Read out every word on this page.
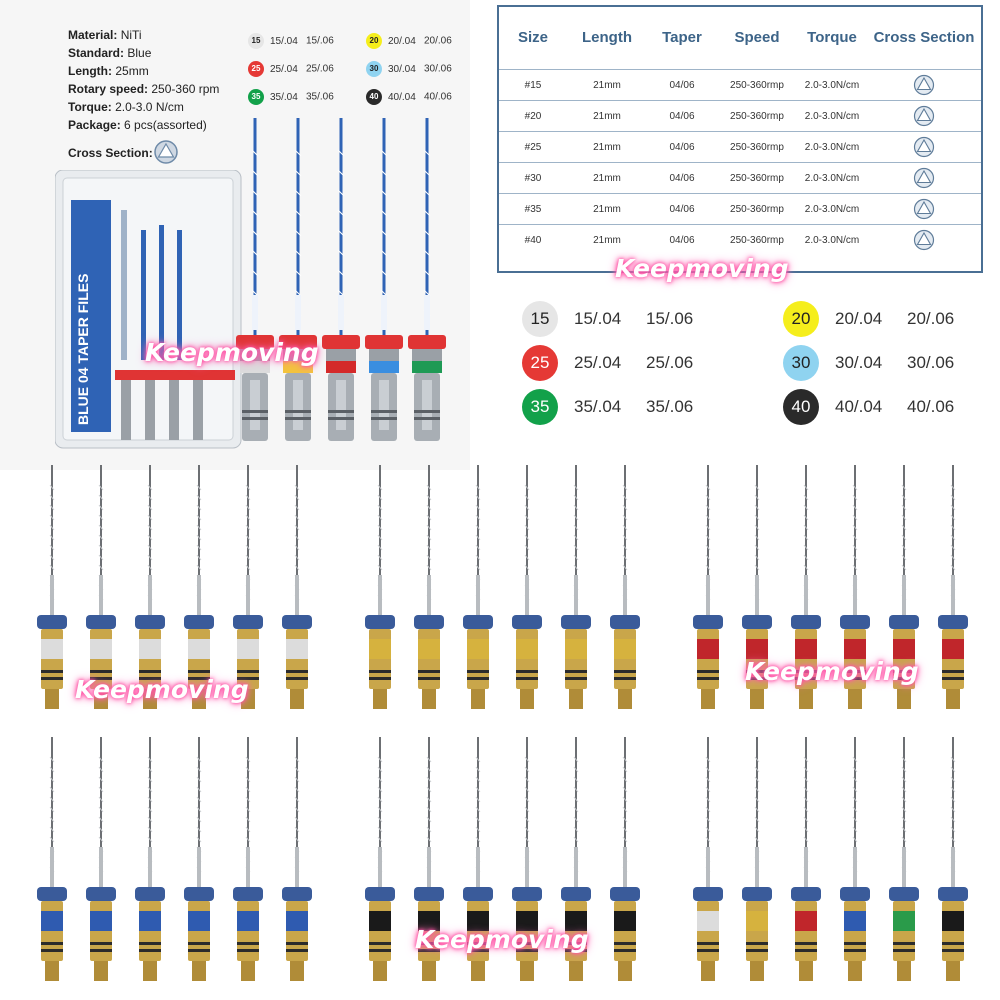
Material: NiTi
Standard: Blue
Length: 25mm
Rotary speed: 250-360 rpm
Torque: 2.0-3.0 N/cm
Package: 6 pcs(assorted)
Cross Section:
15 15/.04 15/.06
25 25/.04 25/.06
35 35/.04 35/.06
20 20/.04 20/.06
30 30/.04 30/.06
40 40/.04 40/.06
BLUE 04 TAPER FILES
Size	Length	Taper	Speed	Torque	Cross Section
#15	21mm	04/06	250-360rmp	2.0-3.0N/cm
#20	21mm	04/06	250-360rmp	2.0-3.0N/cm
#25	21mm	04/06	250-360rmp	2.0-3.0N/cm
#30	21mm	04/06	250-360rmp	2.0-3.0N/cm
#35	21mm	04/06	250-360rmp	2.0-3.0N/cm
#40	21mm	04/06	250-360rmp	2.0-3.0N/cm
15	15/.04 15/.06
25	25/.04 25/.06
35	35/.04 35/.06
20	20/.04 20/.06
30	30/.04 30/.06
40	40/.04 40/.06
Keepmoving
Keepmoving
Keepmoving
Keepmoving
Keepmoving
